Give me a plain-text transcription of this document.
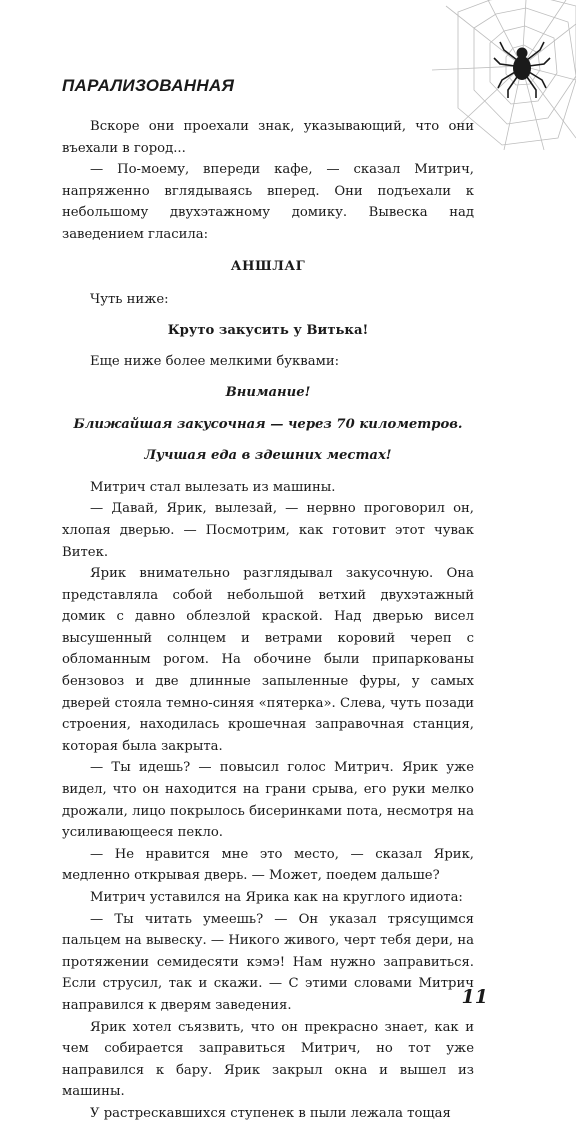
ПАРАЛИЗОВАННАЯ

Вскоре они проехали знак, указывающий, что они въехали в город...

— По-моему, впереди кафе, — сказал Митрич, напряженно вглядываясь вперед. Они подъехали к небольшому двухэтажному домику. Вывеска над заведением гласила:

АНШЛАГ

Чуть ниже:

Круто закусить у Витька!

Еще ниже более мелкими буквами:

Внимание!

Ближайшая закусочная — через 70 километров.

Лучшая еда в здешних местах!

Митрич стал вылезать из машины.

— Давай, Ярик, вылезай, — нервно проговорил он, хлопая дверью. — Посмотрим, как готовит этот чувак Витек.

Ярик внимательно разглядывал закусочную. Она представляла собой небольшой ветхий двухэтажный домик с давно облезлой краской. Над дверью висел высушенный солнцем и ветрами коровий череп с обломанным рогом. На обочине были припаркованы бензовоз и две длинные запыленные фуры, у самых дверей стояла темно-синяя «пятерка». Слева, чуть позади строения, находилась крошечная заправочная станция, которая была закрыта.

— Ты идешь? — повысил голос Митрич. Ярик уже видел, что он находится на грани срыва, его руки мелко дрожали, лицо покрылось бисеринками пота, несмотря на усиливающееся пекло.

— Не нравится мне это место, — сказал Ярик, медленно открывая дверь. — Может, поедем дальше?

Митрич уставился на Ярика как на круглого идиота:

— Ты читать умеешь? — Он указал трясущимся пальцем на вывеску. — Никого живого, черт тебя дери, на протяжении семидесяти кэмэ! Нам нужно заправиться. Если струсил, так и скажи. — С этими словами Митрич направился к дверям заведения.

Ярик хотел съязвить, что он прекрасно знает, как и чем собирается заправиться Митрич, но тот уже направился к бару. Ярик закрыл окна и вышел из машины.

У растрескавшихся ступенек в пыли лежала тощая

11
